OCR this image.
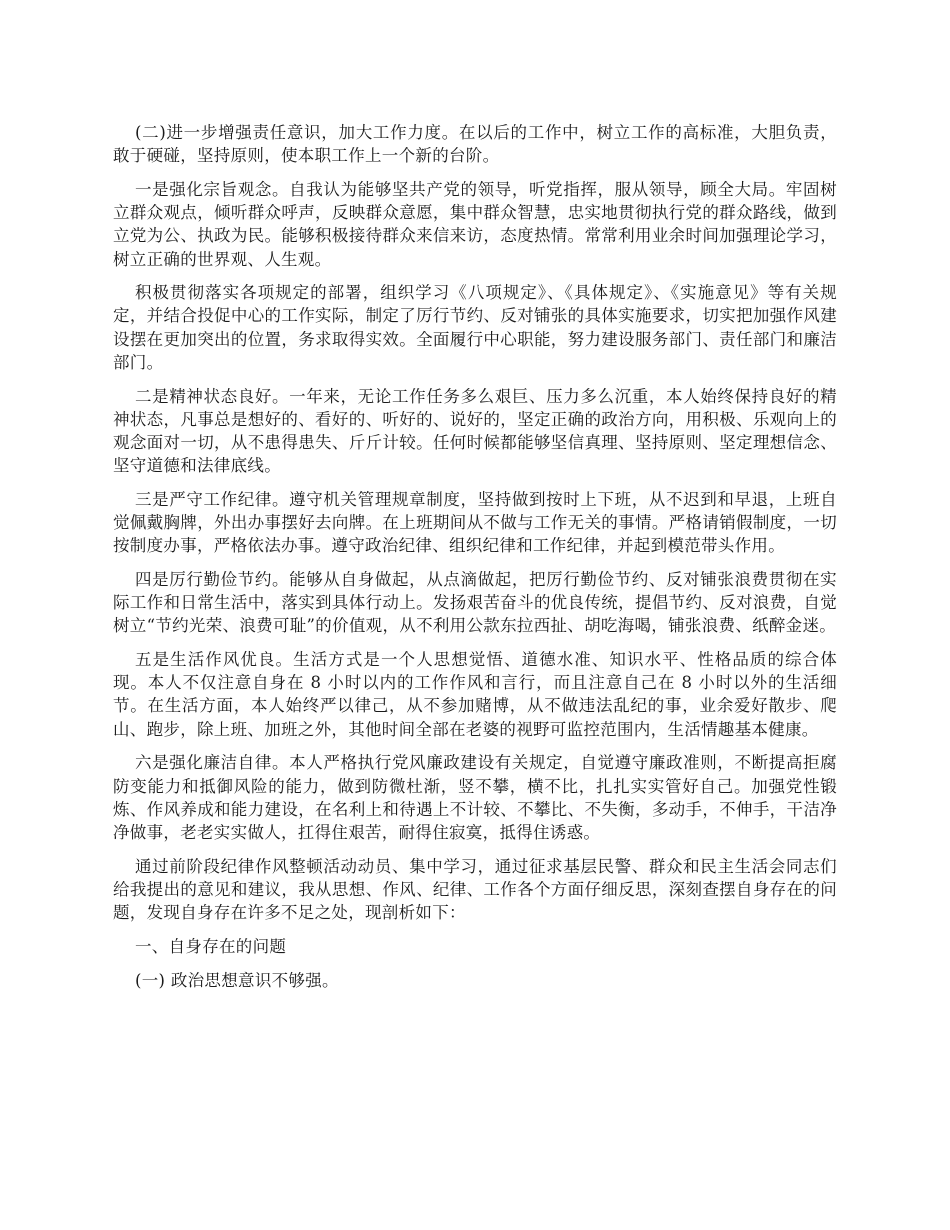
(二)进一步增强责任意识，加大工作力度。在以后的工作中，树立工作的高标准，大胆负责，敢于硬碰，坚持原则，使本职工作上一个新的台阶。

一是强化宗旨观念。自我认为能够坚共产党的领导，听党指挥，服从领导，顾全大局。牢固树立群众观点，倾听群众呼声，反映群众意愿，集中群众智慧，忠实地贯彻执行党的群众路线，做到立党为公、执政为民。能够积极接待群众来信来访，态度热情。常常利用业余时间加强理论学习，树立正确的世界观、人生观。

积极贯彻落实各项规定的部署，组织学习《八项规定》、《具体规定》、《实施意见》等有关规定，并结合投促中心的工作实际，制定了厉行节约、反对铺张的具体实施要求，切实把加强作风建设摆在更加突出的位置，务求取得实效。全面履行中心职能，努力建设服务部门、责任部门和廉洁部门。

二是精神状态良好。一年来，无论工作任务多么艰巨、压力多么沉重，本人始终保持良好的精神状态，凡事总是想好的、看好的、听好的、说好的，坚定正确的政治方向，用积极、乐观向上的观念面对一切，从不患得患失、斤斤计较。任何时候都能够坚信真理、坚持原则、坚定理想信念、坚守道德和法律底线。

三是严守工作纪律。遵守机关管理规章制度，坚持做到按时上下班，从不迟到和早退，上班自觉佩戴胸牌，外出办事摆好去向牌。在上班期间从不做与工作无关的事情。严格请销假制度，一切按制度办事，严格依法办事。遵守政治纪律、组织纪律和工作纪律，并起到模范带头作用。

四是厉行勤俭节约。能够从自身做起，从点滴做起，把厉行勤俭节约、反对铺张浪费贯彻在实际工作和日常生活中，落实到具体行动上。发扬艰苦奋斗的优良传统，提倡节约、反对浪费，自觉树立“节约光荣、浪费可耻”的价值观，从不利用公款东拉西扯、胡吃海喝，铺张浪费、纸醉金迷。

五是生活作风优良。生活方式是一个人思想觉悟、道德水准、知识水平、性格品质的综合体现。本人不仅注意自身在 8 小时以内的工作作风和言行，而且注意自己在 8 小时以外的生活细节。在生活方面，本人始终严以律己，从不参加赌博，从不做违法乱纪的事，业余爱好散步、爬山、跑步，除上班、加班之外，其他时间全部在老婆的视野可监控范围内，生活情趣基本健康。

六是强化廉洁自律。本人严格执行党风廉政建设有关规定，自觉遵守廉政准则，不断提高拒腐防变能力和抵御风险的能力，做到防微杜渐，竖不攀，横不比，扎扎实实管好自己。加强党性锻炼、作风养成和能力建设，在名利上和待遇上不计较、不攀比、不失衡，多动手，不伸手，干洁净净做事，老老实实做人，扛得住艰苦，耐得住寂寞，抵得住诱惑。

通过前阶段纪律作风整顿活动动员、集中学习，通过征求基层民警、群众和民主生活会同志们给我提出的意见和建议，我从思想、作风、纪律、工作各个方面仔细反思，深刻查摆自身存在的问题，发现自身存在许多不足之处，现剖析如下：

一、自身存在的问题

(一) 政治思想意识不够强。
